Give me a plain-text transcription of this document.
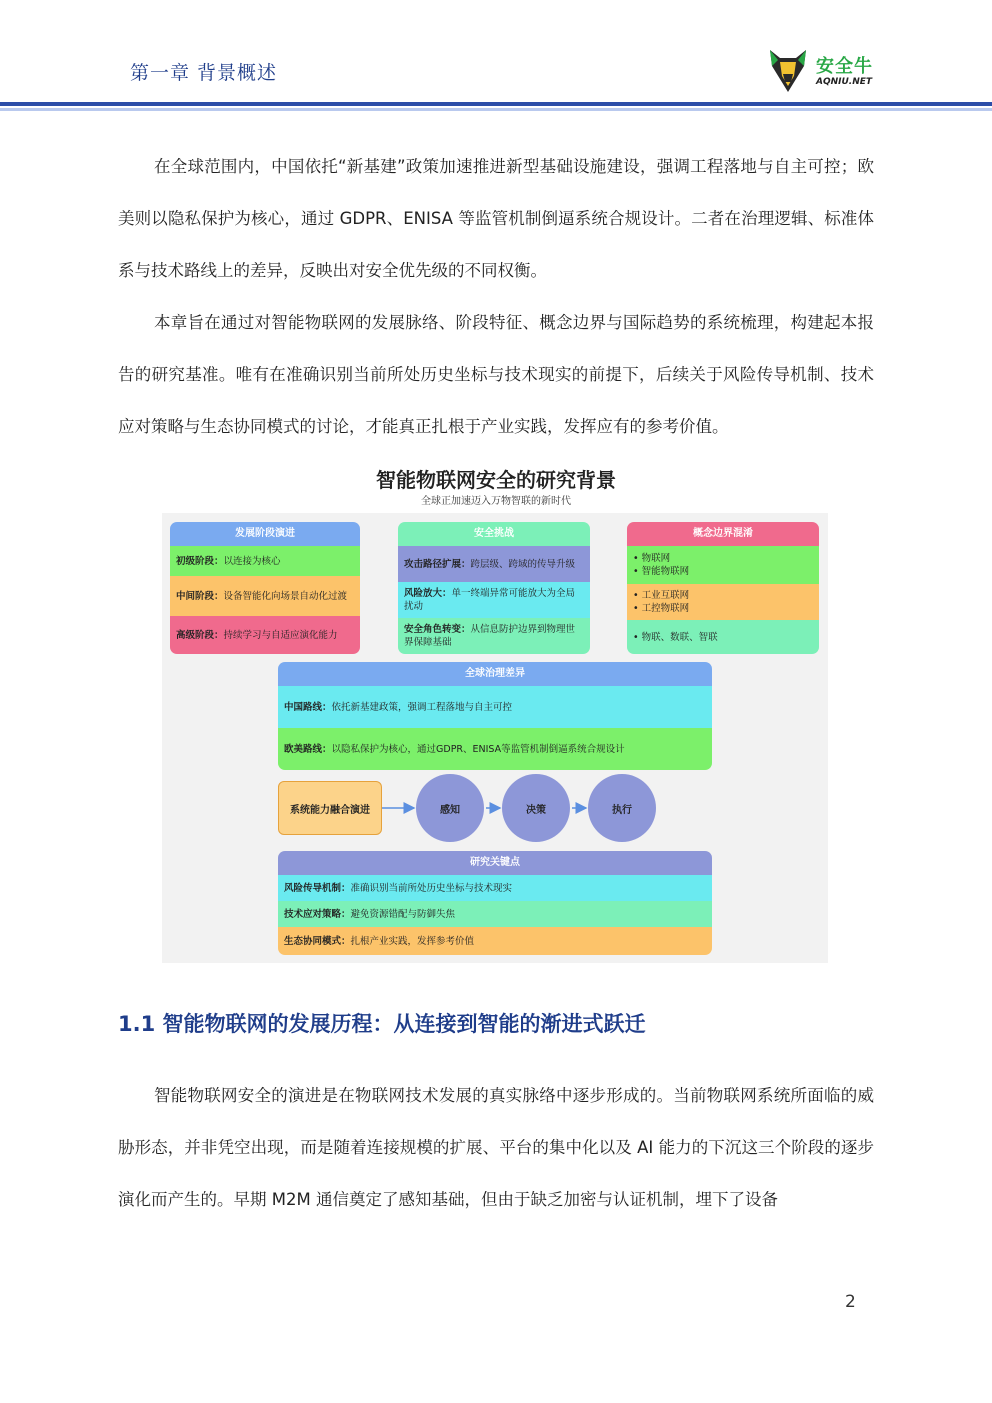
第一章 背景概述	安全牛
AQNIU.NET

在全球范围内，中国依托“新基建”政策加速推进新型基础设施建设，强调工程落地与自主可控；欧美则以隐私保护为核心，通过 GDPR、ENISA 等监管机制倒逼系统合规设计。二者在治理逻辑、标准体系与技术路线上的差异，反映出对安全优先级的不同权衡。

本章旨在通过对智能物联网的发展脉络、阶段特征、概念边界与国际趋势的系统梳理，构建起本报告的研究基准。唯有在准确识别当前所处历史坐标与技术现实的前提下，后续关于风险传导机制、技术应对策略与生态协同模式的讨论，才能真正扎根于产业实践，发挥应有的参考价值。

智能物联网安全的研究背景
全球正加速迈入万物智联的新时代
发展阶段演进
初级阶段：以连接为核心
中间阶段：设备智能化向场景自动化过渡
高级阶段：持续学习与自适应演化能力
安全挑战
攻击路径扩展：跨层级、跨域的传导升级
风险放大：单一终端异常可能放大为全局扰动
安全角色转变：从信息防护边界到物理世界保障基础
概念边界混淆
• 物联网
• 智能物联网
• 工业互联网
• 工控物联网
• 物联、数联、智联
全球治理差异
中国路线：依托新基建政策，强调工程落地与自主可控
欧美路线：以隐私保护为核心，通过GDPR、ENISA等监管机制倒逼系统合规设计
系统能力融合演进	感知	决策	执行
研究关键点
风险传导机制：准确识别当前所处历史坐标与技术现实
技术应对策略：避免资源错配与防御失焦
生态协同模式：扎根产业实践，发挥参考价值
1.1 智能物联网的发展历程：从连接到智能的渐进式跃迁

智能物联网安全的演进是在物联网技术发展的真实脉络中逐步形成的。当前物联网系统所面临的威胁形态，并非凭空出现，而是随着连接规模的扩展、平台的集中化以及 AI 能力的下沉这三个阶段的逐步演化而产生的。早期 M2M 通信奠定了感知基础，但由于缺乏加密与认证机制，埋下了设备

2
